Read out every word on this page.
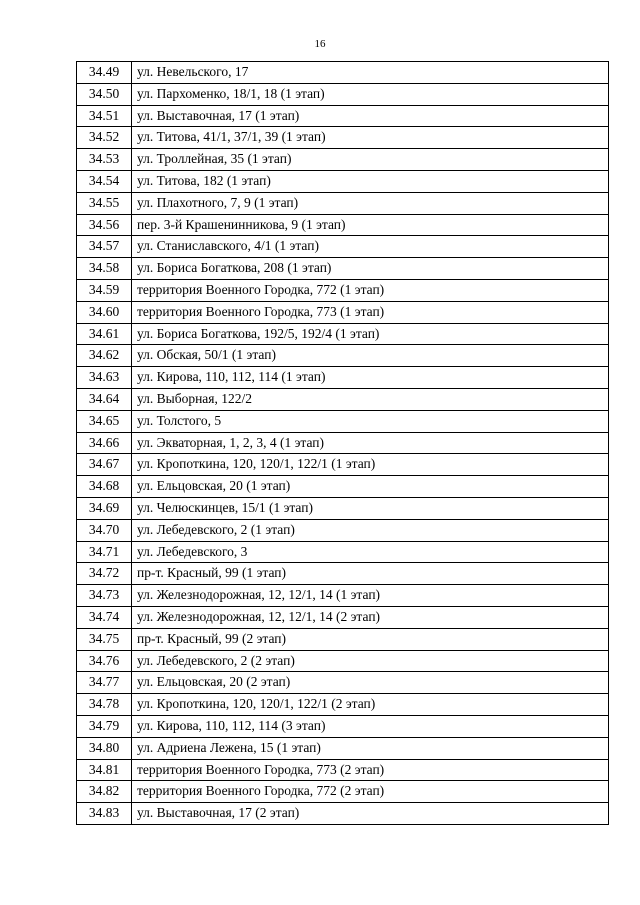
16
34.49	ул. Невельского, 17
34.50	ул. Пархоменко, 18/1, 18 (1 этап)
34.51	ул. Выставочная, 17 (1 этап)
34.52	ул. Титова, 41/1, 37/1, 39 (1 этап)
34.53	ул. Троллейная, 35 (1 этап)
34.54	ул. Титова, 182 (1 этап)
34.55	ул. Плахотного, 7, 9 (1 этап)
34.56	пер. 3-й Крашенинникова, 9 (1 этап)
34.57	ул. Станиславского, 4/1 (1 этап)
34.58	ул. Бориса Богаткова, 208 (1 этап)
34.59	территория Военного Городка, 772 (1 этап)
34.60	территория Военного Городка, 773 (1 этап)
34.61	ул. Бориса Богаткова, 192/5, 192/4 (1 этап)
34.62	ул. Обская, 50/1 (1 этап)
34.63	ул. Кирова, 110, 112, 114 (1 этап)
34.64	ул. Выборная, 122/2
34.65	ул. Толстого, 5
34.66	ул. Экваторная, 1, 2, 3, 4 (1 этап)
34.67	ул. Кропоткина, 120, 120/1, 122/1 (1 этап)
34.68	ул. Ельцовская, 20 (1 этап)
34.69	ул. Челюскинцев, 15/1 (1 этап)
34.70	ул. Лебедевского, 2 (1 этап)
34.71	ул. Лебедевского, 3
34.72	пр-т. Красный, 99 (1 этап)
34.73	ул. Железнодорожная, 12, 12/1, 14 (1 этап)
34.74	ул. Железнодорожная, 12, 12/1, 14 (2 этап)
34.75	пр-т. Красный, 99 (2 этап)
34.76	ул. Лебедевского, 2 (2 этап)
34.77	ул. Ельцовская, 20 (2 этап)
34.78	ул. Кропоткина, 120, 120/1, 122/1 (2 этап)
34.79	ул. Кирова, 110, 112, 114 (3 этап)
34.80	ул. Адриена Лежена, 15 (1 этап)
34.81	территория Военного Городка, 773 (2 этап)
34.82	территория Военного Городка, 772 (2 этап)
34.83	ул. Выставочная, 17 (2 этап)
